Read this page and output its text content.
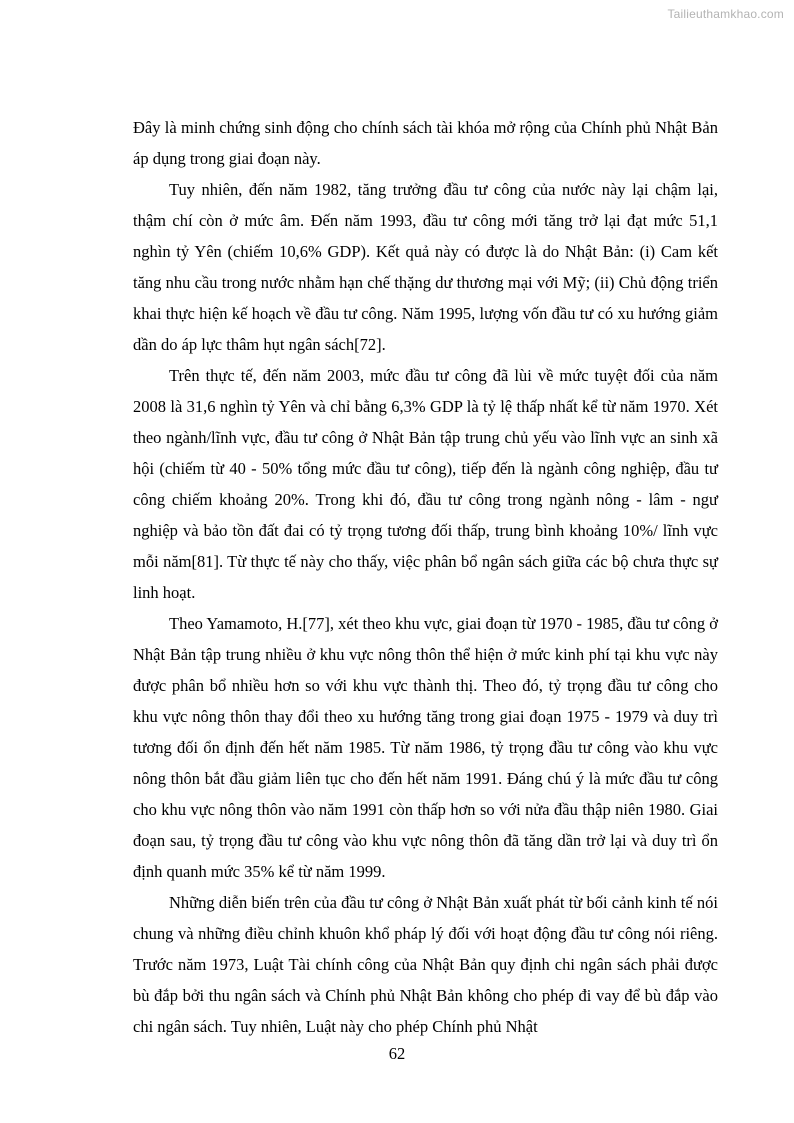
Tailieuthamkhao.com

Đây là minh chứng sinh động cho chính sách tài khóa mở rộng của Chính phủ Nhật Bản áp dụng trong giai đoạn này.

Tuy nhiên, đến năm 1982, tăng trưởng đầu tư công của nước này lại chậm lại, thậm chí còn ở mức âm. Đến năm 1993, đầu tư công mới tăng trở lại đạt mức 51,1 nghìn tỷ Yên (chiếm 10,6% GDP). Kết quả này có được là do Nhật Bản: (i) Cam kết tăng nhu cầu trong nước nhằm hạn chế thặng dư thương mại với Mỹ; (ii) Chủ động triển khai thực hiện kế hoạch về đầu tư công. Năm 1995, lượng vốn đầu tư có xu hướng giảm dần do áp lực thâm hụt ngân sách[72].

Trên thực tế, đến năm 2003, mức đầu tư công đã lùi về mức tuyệt đối của năm 2008 là 31,6 nghìn tỷ Yên và chỉ bằng 6,3% GDP là tỷ lệ thấp nhất kể từ năm 1970. Xét theo ngành/lĩnh vực, đầu tư công ở Nhật Bản tập trung chủ yếu vào lĩnh vực an sinh xã hội (chiếm từ 40 - 50% tổng mức đầu tư công), tiếp đến là ngành công nghiệp, đầu tư công chiếm khoảng 20%. Trong khi đó, đầu tư công trong ngành nông - lâm - ngư nghiệp và bảo tồn đất đai có tỷ trọng tương đối thấp, trung bình khoảng 10%/ lĩnh vực mỗi năm[81]. Từ thực tế này cho thấy, việc phân bổ ngân sách giữa các bộ chưa thực sự linh hoạt.

Theo Yamamoto, H.[77], xét theo khu vực, giai đoạn từ 1970 - 1985, đầu tư công ở Nhật Bản tập trung nhiều ở khu vực nông thôn thể hiện ở mức kinh phí tại khu vực này được phân bổ nhiều hơn so với khu vực thành thị. Theo đó, tỷ trọng đầu tư công cho khu vực nông thôn thay đổi theo xu hướng tăng trong giai đoạn 1975 - 1979 và duy trì tương đối ổn định đến hết năm 1985. Từ năm 1986, tỷ trọng đầu tư công vào khu vực nông thôn bắt đầu giảm liên tục cho đến hết năm 1991. Đáng chú ý là mức đầu tư công cho khu vực nông thôn vào năm 1991 còn thấp hơn so với nửa đầu thập niên 1980. Giai đoạn sau, tỷ trọng đầu tư công vào khu vực nông thôn đã tăng dần trở lại và duy trì ổn định quanh mức 35% kể từ năm 1999.

Những diễn biến trên của đầu tư công ở Nhật Bản xuất phát từ bối cảnh kinh tế nói chung và những điều chỉnh khuôn khổ pháp lý đối với hoạt động đầu tư công nói riêng. Trước năm 1973, Luật Tài chính công của Nhật Bản quy định chi ngân sách phải được bù đắp bởi thu ngân sách và Chính phủ Nhật Bản không cho phép đi vay để bù đắp vào chi ngân sách. Tuy nhiên, Luật này cho phép Chính phủ Nhật

62
